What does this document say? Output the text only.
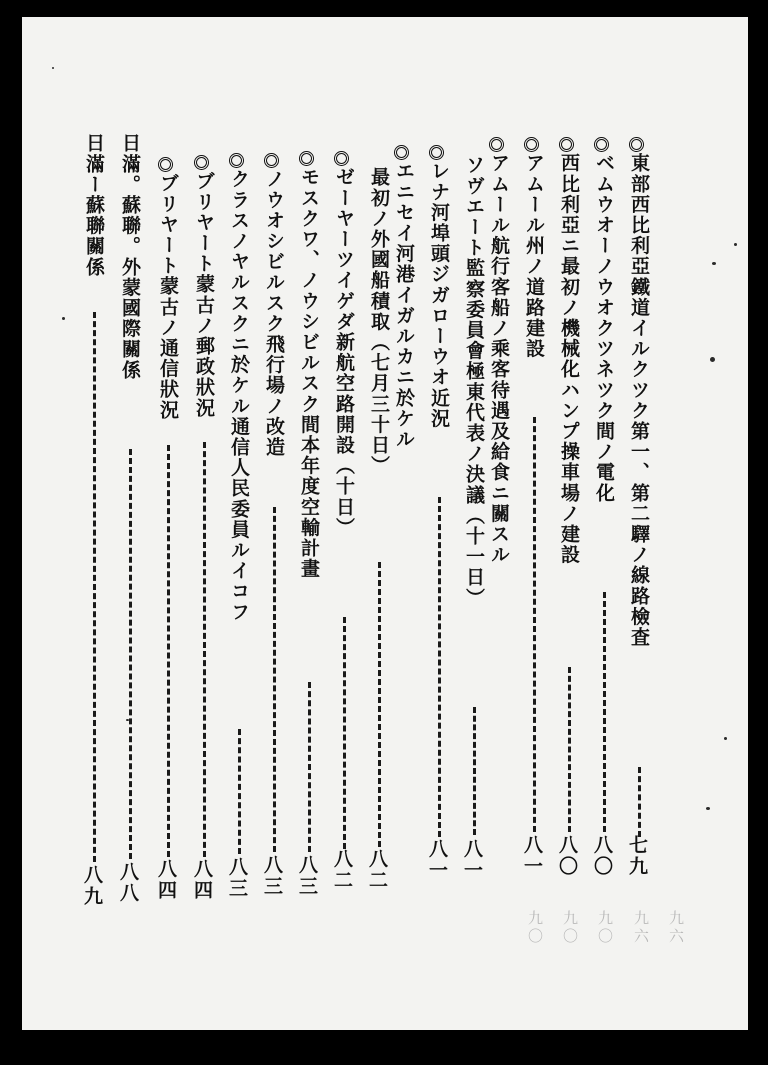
九六
九六
九〇
九〇
九〇
東部西比利亞鐵道イルクツク第一、第二驛ノ線路檢査
七九
ベムウオーノウオクツネツク間ノ電化
八〇
西比利亞ニ最初ノ機械化ハンプ操車場ノ建設
八〇
アムール州ノ道路建設
八一
アムール航行客船ノ乘客待遇及給食ニ關スル
ソヴエート監察委員會極東代表ノ決議（十一日）
八一
レナ河埠頭ジガローウオ近況
八一
エニセイ河港イガルカニ於ケル
最初ノ外國船積取（七月三十日）
八二
ゼーヤーツイゲダ新航空路開設（十日）
八二
モスクワ、ノウシビルスク間本年度空輸計畫
八三
ノウオシビルスク飛行場ノ改造
八三
クラスノヤルスクニ於ケル通信人民委員ルイコフ
八三
ブリヤート蒙古ノ郵政狀況
八四
ブリヤート蒙古ノ通信狀況
八四
日滿。蘇聯。外蒙國際關係
八八
日滿ー蘇聯關係
八九
